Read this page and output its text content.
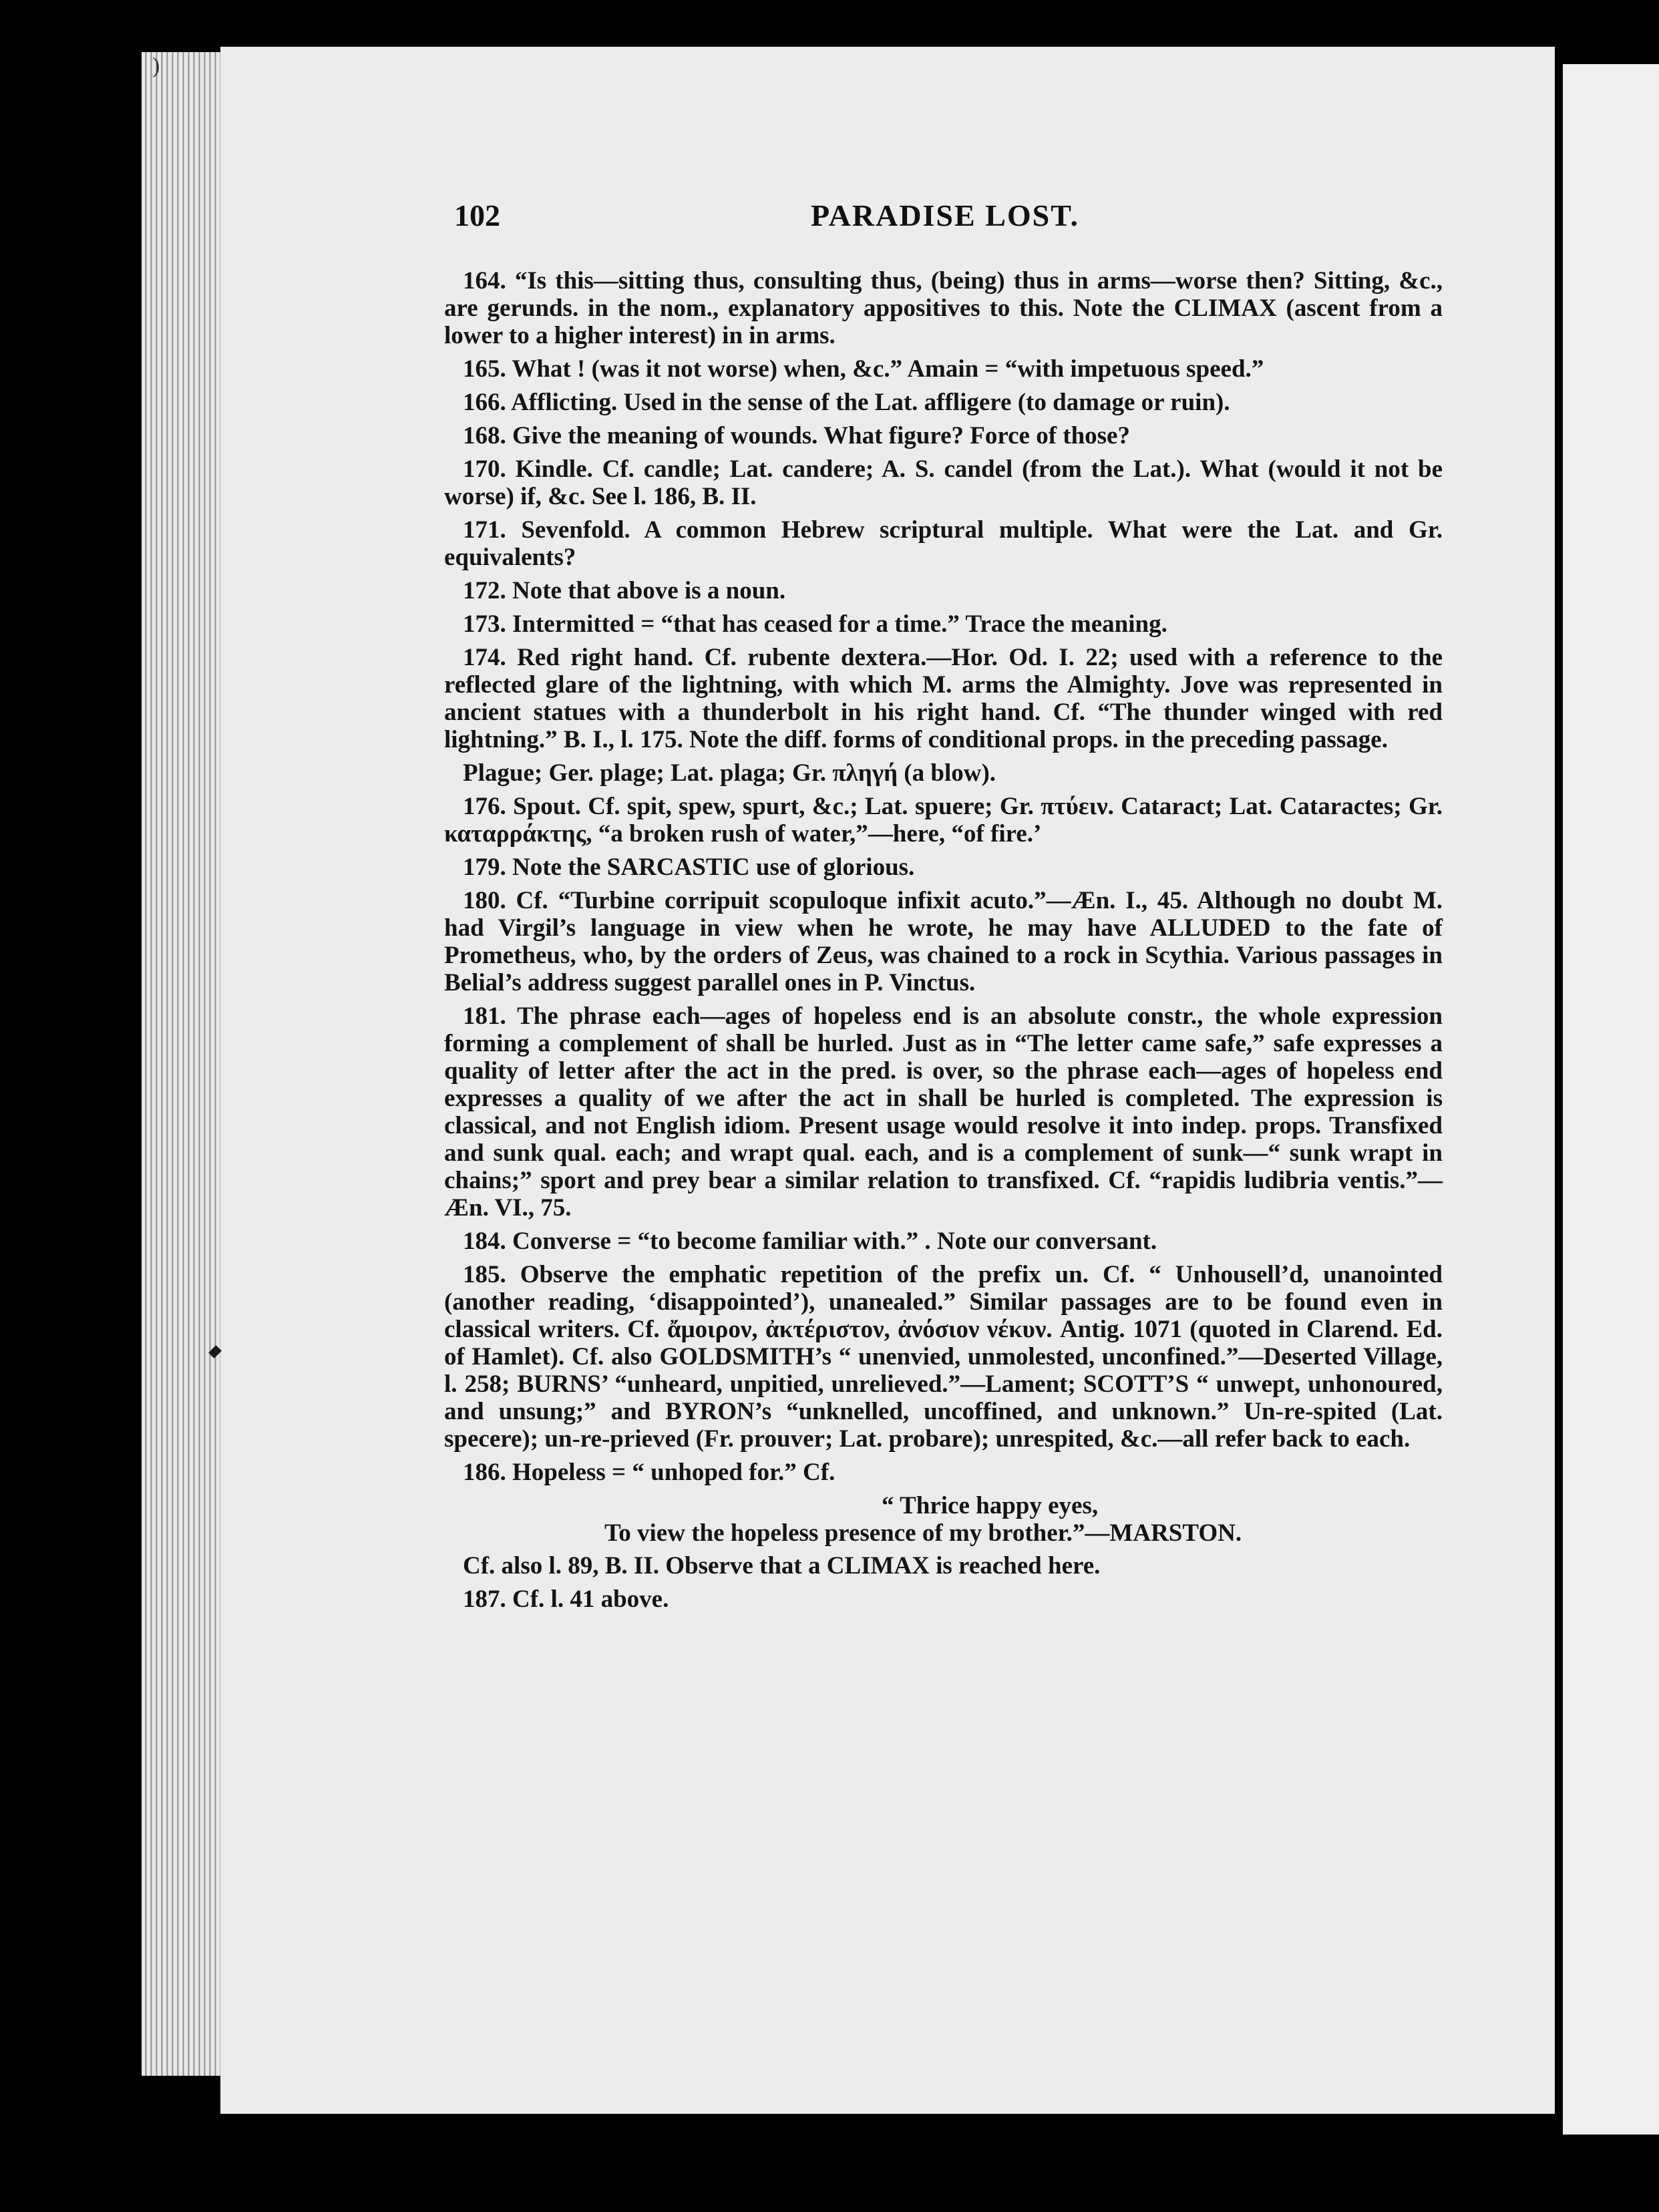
)
102	PARADISE LOST.

164. “Is this—sitting thus, consulting thus, (being) thus in arms—worse then? Sitting, &c., are gerunds. in the nom., explanatory appositives to this. Note the CLIMAX (ascent from a lower to a higher interest) in in arms.

165. What ! (was it not worse) when, &c.” Amain = “with impetuous speed.”

166. Afflicting. Used in the sense of the Lat. affligere (to damage or ruin).

168. Give the meaning of wounds. What figure? Force of those?

170. Kindle. Cf. candle; Lat. candere; A. S. candel (from the Lat.). What (would it not be worse) if, &c. See l. 186, B. II.

171. Sevenfold. A common Hebrew scriptural multiple. What were the Lat. and Gr. equivalents?

172. Note that above is a noun.

173. Intermitted = “that has ceased for a time.” Trace the meaning.

174. Red right hand. Cf. rubente dextera.—Hor. Od. I. 22; used with a reference to the reflected glare of the lightning, with which M. arms the Almighty. Jove was represented in ancient statues with a thunderbolt in his right hand. Cf. “The thunder winged with red lightning.” B. I., l. 175. Note the diff. forms of conditional props. in the preceding passage.

Plague; Ger. plage; Lat. plaga; Gr. πληγή (a blow).

176. Spout. Cf. spit, spew, spurt, &c.; Lat. spuere; Gr. πτύειν. Cataract; Lat. Cataractes; Gr. καταρράκτης, “a broken rush of water,”—here, “of fire.’

179. Note the SARCASTIC use of glorious.

180. Cf. “Turbine corripuit scopuloque infixit acuto.”—Æn. I., 45. Although no doubt M. had Virgil’s language in view when he wrote, he may have ALLUDED to the fate of Prometheus, who, by the orders of Zeus, was chained to a rock in Scythia. Various passages in Belial’s address suggest parallel ones in P. Vinctus.

181. The phrase each—ages of hopeless end is an absolute constr., the whole expression forming a complement of shall be hurled. Just as in “The letter came safe,” safe expresses a quality of letter after the act in the pred. is over, so the phrase each—ages of hopeless end expresses a quality of we after the act in shall be hurled is completed. The expression is classical, and not English idiom. Present usage would resolve it into indep. props. Transfixed and sunk qual. each; and wrapt qual. each, and is a complement of sunk—“ sunk wrapt in chains;” sport and prey bear a similar relation to transfixed. Cf. “rapidis ludibria ventis.”—Æn. VI., 75.

184. Converse = “to become familiar with.” . Note our conversant.

185. Observe the emphatic repetition of the prefix un. Cf. “ Unhousell’d, unanointed (another reading, ‘disappointed’), unanealed.” Similar passages are to be found even in classical writers. Cf. ἄμοιρον, ἀκτέριστον, ἀνόσιον νέκυν. Antig. 1071 (quoted in Clarend. Ed. of Hamlet). Cf. also GOLDSMITH’s “ unenvied, unmolested, unconfined.”—Deserted Village, l. 258; BURNS’ “unheard, unpitied, unrelieved.”—Lament; SCOTT’S “ unwept, unhonoured, and unsung;” and BYRON’s “unknelled, uncoffined, and unknown.” Un-re-spited (Lat. specere); un-re-prieved (Fr. prouver; Lat. probare); unrespited, &c.—all refer back to each.

186. Hopeless = “ unhoped for.” Cf.

“ Thrice happy eyes,

To view the hopeless presence of my brother.”—MARSTON.

Cf. also l. 89, B. II. Observe that a CLIMAX is reached here.

187. Cf. l. 41 above.
